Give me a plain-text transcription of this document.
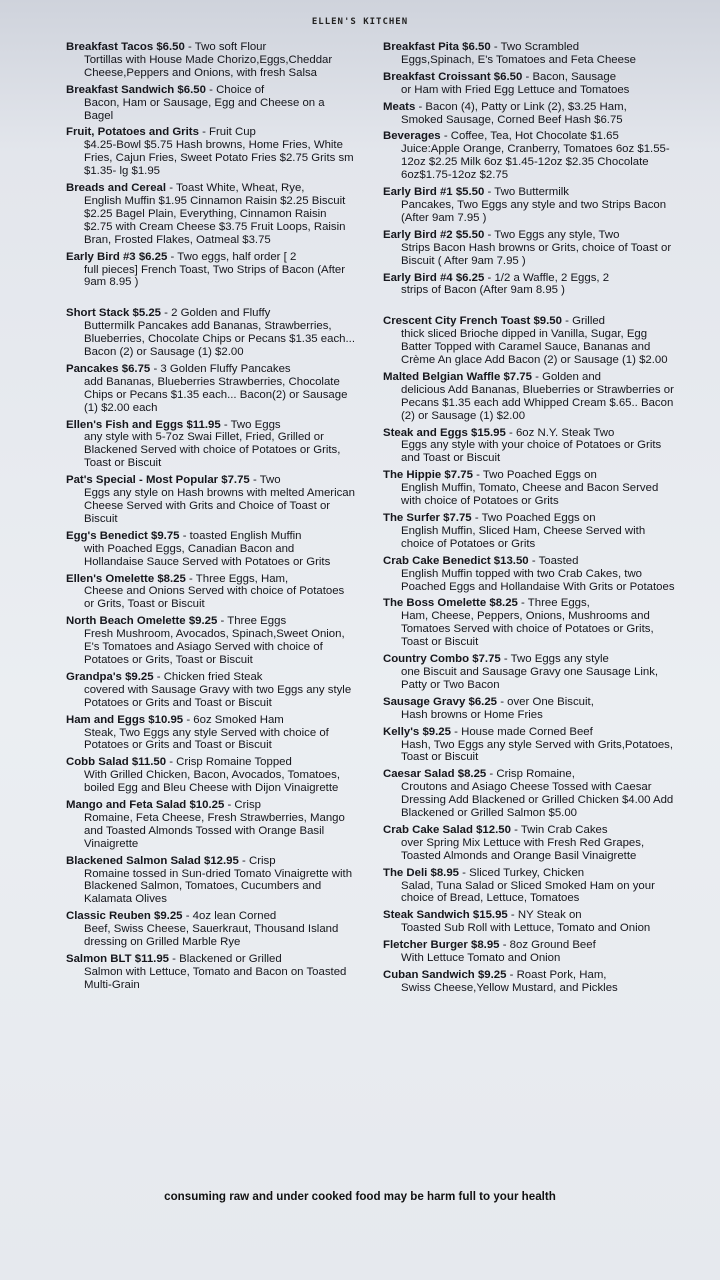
ELLEN'S KITCHEN
Breakfast Tacos $6.50 - Two soft Flour
Tortillas with House Made Chorizo,Eggs,Cheddar Cheese,Peppers and Onions, with fresh Salsa
Breakfast Sandwich $6.50 - Choice of
Bacon, Ham or Sausage, Egg and Cheese on a Bagel
Fruit, Potatoes and Grits - Fruit Cup
$4.25-Bowl $5.75 Hash browns, Home Fries, White Fries, Cajun Fries, Sweet Potato Fries $2.75 Grits sm $1.35- lg $1.95
Breads and Cereal - Toast White, Wheat, Rye,
English Muffin $1.95 Cinnamon Raisin $2.25 Biscuit $2.25 Bagel Plain, Everything, Cinnamon Raisin $2.75 with Cream Cheese $3.75 Fruit Loops, Raisin Bran, Frosted Flakes, Oatmeal $3.75
Early Bird #3 $6.25 - Two eggs, half order [ 2
full pieces] French Toast, Two Strips of Bacon (After 9am 8.95 )
Short Stack $5.25 - 2 Golden and Fluffy
Buttermilk Pancakes add Bananas, Strawberries, Blueberries, Chocolate Chips or Pecans $1.35 each... Bacon (2) or Sausage (1) $2.00
Pancakes $6.75 - 3 Golden Fluffy Pancakes
add Bananas, Blueberries Strawberries, Chocolate Chips or Pecans $1.35 each... Bacon(2) or Sausage (1) $2.00 each
Ellen's Fish and Eggs $11.95 - Two Eggs
any style with 5-7oz Swai Fillet, Fried, Grilled or Blackened Served with choice of Potatoes or Grits, Toast or Biscuit
Pat's Special - Most Popular $7.75 - Two
Eggs any style on Hash browns with melted American Cheese Served with Grits and Choice of Toast or Biscuit
Egg's Benedict $9.75 - toasted English Muffin
with Poached Eggs, Canadian Bacon and Hollandaise Sauce Served with Potatoes or Grits
Ellen's Omelette $8.25 - Three Eggs, Ham,
Cheese and Onions Served with choice of Potatoes or Grits, Toast or Biscuit
North Beach Omelette $9.25 - Three Eggs
Fresh Mushroom, Avocados, Spinach,Sweet Onion, E's Tomatoes and Asiago Served with choice of Potatoes or Grits, Toast or Biscuit
Grandpa's $9.25 - Chicken fried Steak
covered with Sausage Gravy with two Eggs any style Potatoes or Grits and Toast or Biscuit
Ham and Eggs $10.95 - 6oz Smoked Ham
Steak, Two Eggs any style Served with choice of Potatoes or Grits and Toast or Biscuit
Cobb Salad $11.50 - Crisp Romaine Topped
With Grilled Chicken, Bacon, Avocados, Tomatoes, boiled Egg and Bleu Cheese with Dijon Vinaigrette
Mango and Feta Salad $10.25 - Crisp
Romaine, Feta Cheese, Fresh Strawberries, Mango and Toasted Almonds Tossed with Orange Basil Vinaigrette
Blackened Salmon Salad $12.95 - Crisp
Romaine tossed in Sun-dried Tomato Vinaigrette with Blackened Salmon, Tomatoes, Cucumbers and Kalamata Olives
Classic Reuben $9.25 - 4oz lean Corned
Beef, Swiss Cheese, Sauerkraut, Thousand Island dressing on Grilled Marble Rye
Salmon BLT $11.95 - Blackened or Grilled
Salmon with Lettuce, Tomato and Bacon on Toasted Multi-Grain
Breakfast Pita $6.50 - Two Scrambled
Eggs,Spinach, E's Tomatoes and Feta Cheese
Breakfast Croissant $6.50 - Bacon, Sausage
or Ham with Fried Egg Lettuce and Tomatoes
Meats - Bacon (4), Patty or Link (2), $3.25 Ham,
Smoked Sausage, Corned Beef Hash $6.75
Beverages - Coffee, Tea, Hot Chocolate $1.65
Juice:Apple Orange, Cranberry, Tomatoes 6oz $1.55- 12oz $2.25 Milk 6oz $1.45-12oz $2.35 Chocolate 6oz$1.75-12oz $2.75
Early Bird #1 $5.50 - Two Buttermilk
Pancakes, Two Eggs any style and two Strips Bacon (After 9am 7.95 )
Early Bird #2 $5.50 - Two Eggs any style, Two
Strips Bacon Hash browns or Grits, choice of Toast or Biscuit ( After 9am 7.95 )
Early Bird #4 $6.25 - 1/2 a Waffle, 2 Eggs, 2
strips of Bacon (After 9am 8.95 )
Crescent City French Toast $9.50 - Grilled
thick sliced Brioche dipped in Vanilla, Sugar, Egg Batter Topped with Caramel Sauce, Bananas and Crème An glace Add Bacon (2) or Sausage (1) $2.00
Malted Belgian Waffle $7.75 - Golden and
delicious Add Bananas, Blueberries or Strawberries or Pecans $1.35 each add Whipped Cream $.65.. Bacon (2) or Sausage (1) $2.00
Steak and Eggs $15.95 - 6oz N.Y. Steak Two
Eggs any style with your choice of Potatoes or Grits and Toast or Biscuit
The Hippie $7.75 - Two Poached Eggs on
English Muffin, Tomato, Cheese and Bacon Served with choice of Potatoes or Grits
The Surfer $7.75 - Two Poached Eggs on
English Muffin, Sliced Ham, Cheese Served with choice of Potatoes or Grits
Crab Cake Benedict $13.50 - Toasted
English Muffin topped with two Crab Cakes, two Poached Eggs and Hollandaise With Grits or Potatoes
The Boss Omelette $8.25 - Three Eggs,
Ham, Cheese, Peppers, Onions, Mushrooms and Tomatoes Served with choice of Potatoes or Grits, Toast or Biscuit
Country Combo $7.75 - Two Eggs any style
one Biscuit and Sausage Gravy one Sausage Link, Patty or Two Bacon
Sausage Gravy $6.25 - over One Biscuit,
Hash browns or Home Fries
Kelly's $9.25 - House made Corned Beef
Hash, Two Eggs any style Served with Grits,Potatoes, Toast or Biscuit
Caesar Salad $8.25 - Crisp Romaine,
Croutons and Asiago Cheese Tossed with Caesar Dressing Add Blackened or Grilled Chicken $4.00 Add Blackened or Grilled Salmon $5.00
Crab Cake Salad $12.50 - Twin Crab Cakes
over Spring Mix Lettuce with Fresh Red Grapes, Toasted Almonds and Orange Basil Vinaigrette
The Deli $8.95 - Sliced Turkey, Chicken
Salad, Tuna Salad or Sliced Smoked Ham on your choice of Bread, Lettuce, Tomatoes
Steak Sandwich $15.95 - NY Steak on
Toasted Sub Roll with Lettuce, Tomato and Onion
Fletcher Burger $8.95 - 8oz Ground Beef
With Lettuce Tomato and Onion
Cuban Sandwich $9.25 - Roast Pork, Ham,
Swiss Cheese,Yellow Mustard, and Pickles
consuming raw and under cooked food may be harm full to your health
